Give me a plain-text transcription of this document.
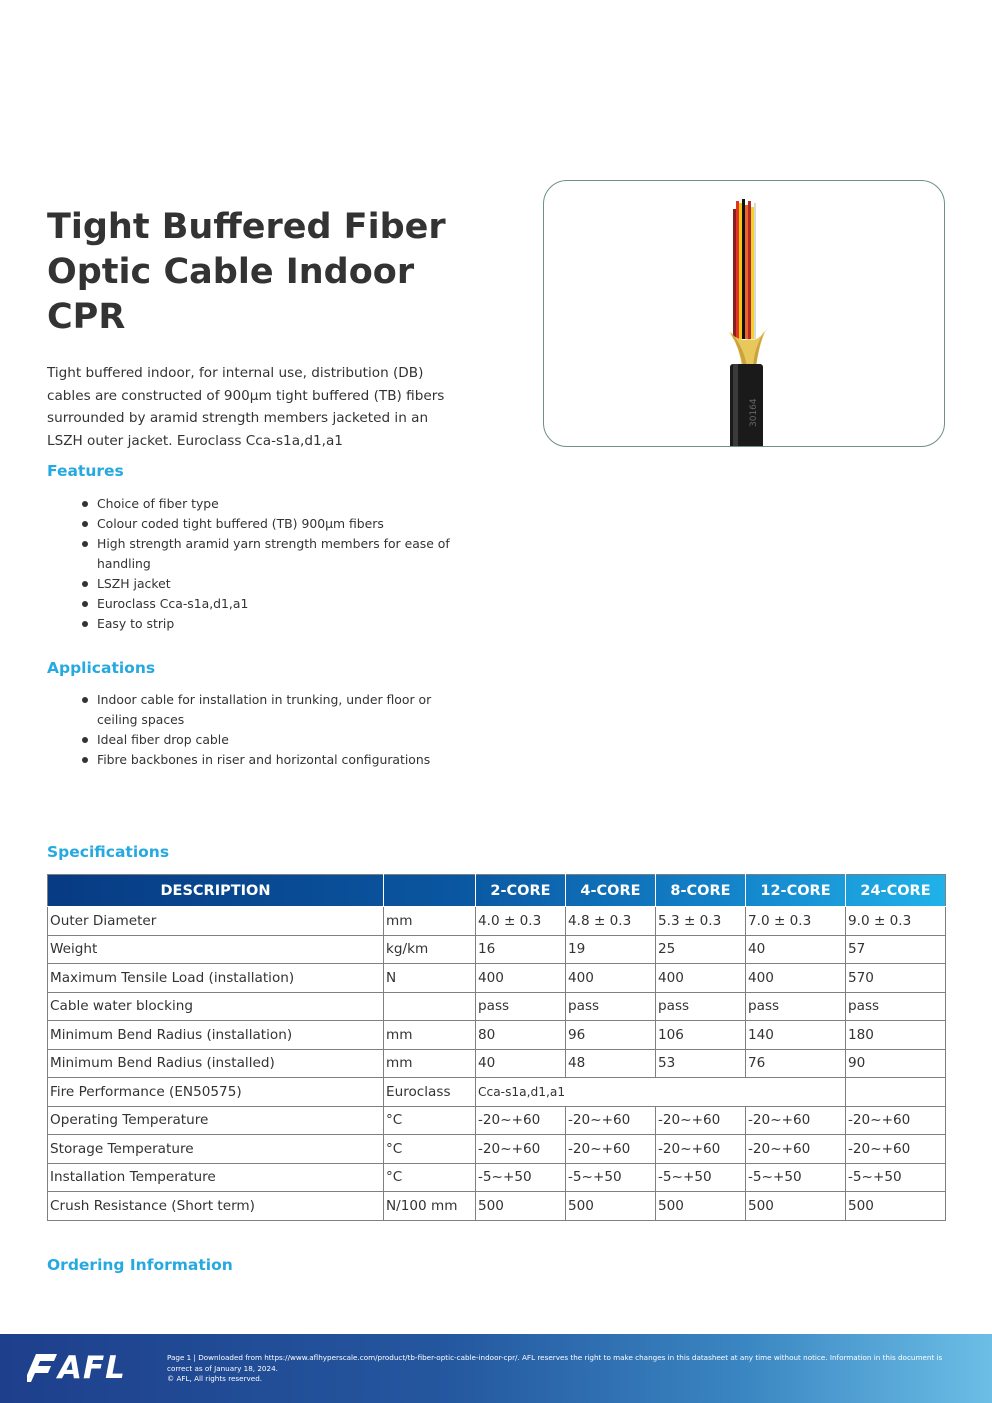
Tight Buffered Fiber Optic Cable Indoor CPR

Tight buffered indoor, for internal use, distribution (DB) cables are constructed of 900µm tight buffered (TB) fibers surrounded by aramid strength members jacketed in an LSZH outer jacket. Euroclass Cca-s1a,d1,a1

30164
Features
Choice of fiber type
Colour coded tight buffered (TB) 900µm fibers
High strength aramid yarn strength members for ease of handling
LSZH jacket
Euroclass Cca-s1a,d1,a1
Easy to strip
Applications
Indoor cable for installation in trunking, under floor or ceiling spaces
Ideal fiber drop cable
Fibre backbones in riser and horizontal configurations
Specifications
DESCRIPTION		2-CORE	4-CORE	8-CORE	12-CORE	24-CORE
Outer Diameter	mm	4.0 ± 0.3	4.8 ± 0.3	5.3 ± 0.3	7.0 ± 0.3	9.0 ± 0.3
Weight	kg/km	16	19	25	40	57
Maximum Tensile Load (installation)	N	400	400	400	400	570
Cable water blocking		pass	pass	pass	pass	pass
Minimum Bend Radius (installation)	mm	80	96	106	140	180
Minimum Bend Radius (installed)	mm	40	48	53	76	90
Fire Performance (EN50575)	Euroclass	Cca-s1a,d1,a1				
Operating Temperature	°C	-20~+60	-20~+60	-20~+60	-20~+60	-20~+60
Storage Temperature	°C	-20~+60	-20~+60	-20~+60	-20~+60	-20~+60
Installation Temperature	°C	-5~+50	-5~+50	-5~+50	-5~+50	-5~+50
Crush Resistance (Short term)	N/100 mm	500	500	500	500	500
Ordering Information
AFL	Page 1 | Downloaded from https://www.aflhyperscale.com/product/tb-fiber-optic-cable-indoor-cpr/. AFL reserves the right to make changes in this datasheet at any time without notice. Information in this document is correct as of January 18, 2024.
© AFL, All rights reserved.
